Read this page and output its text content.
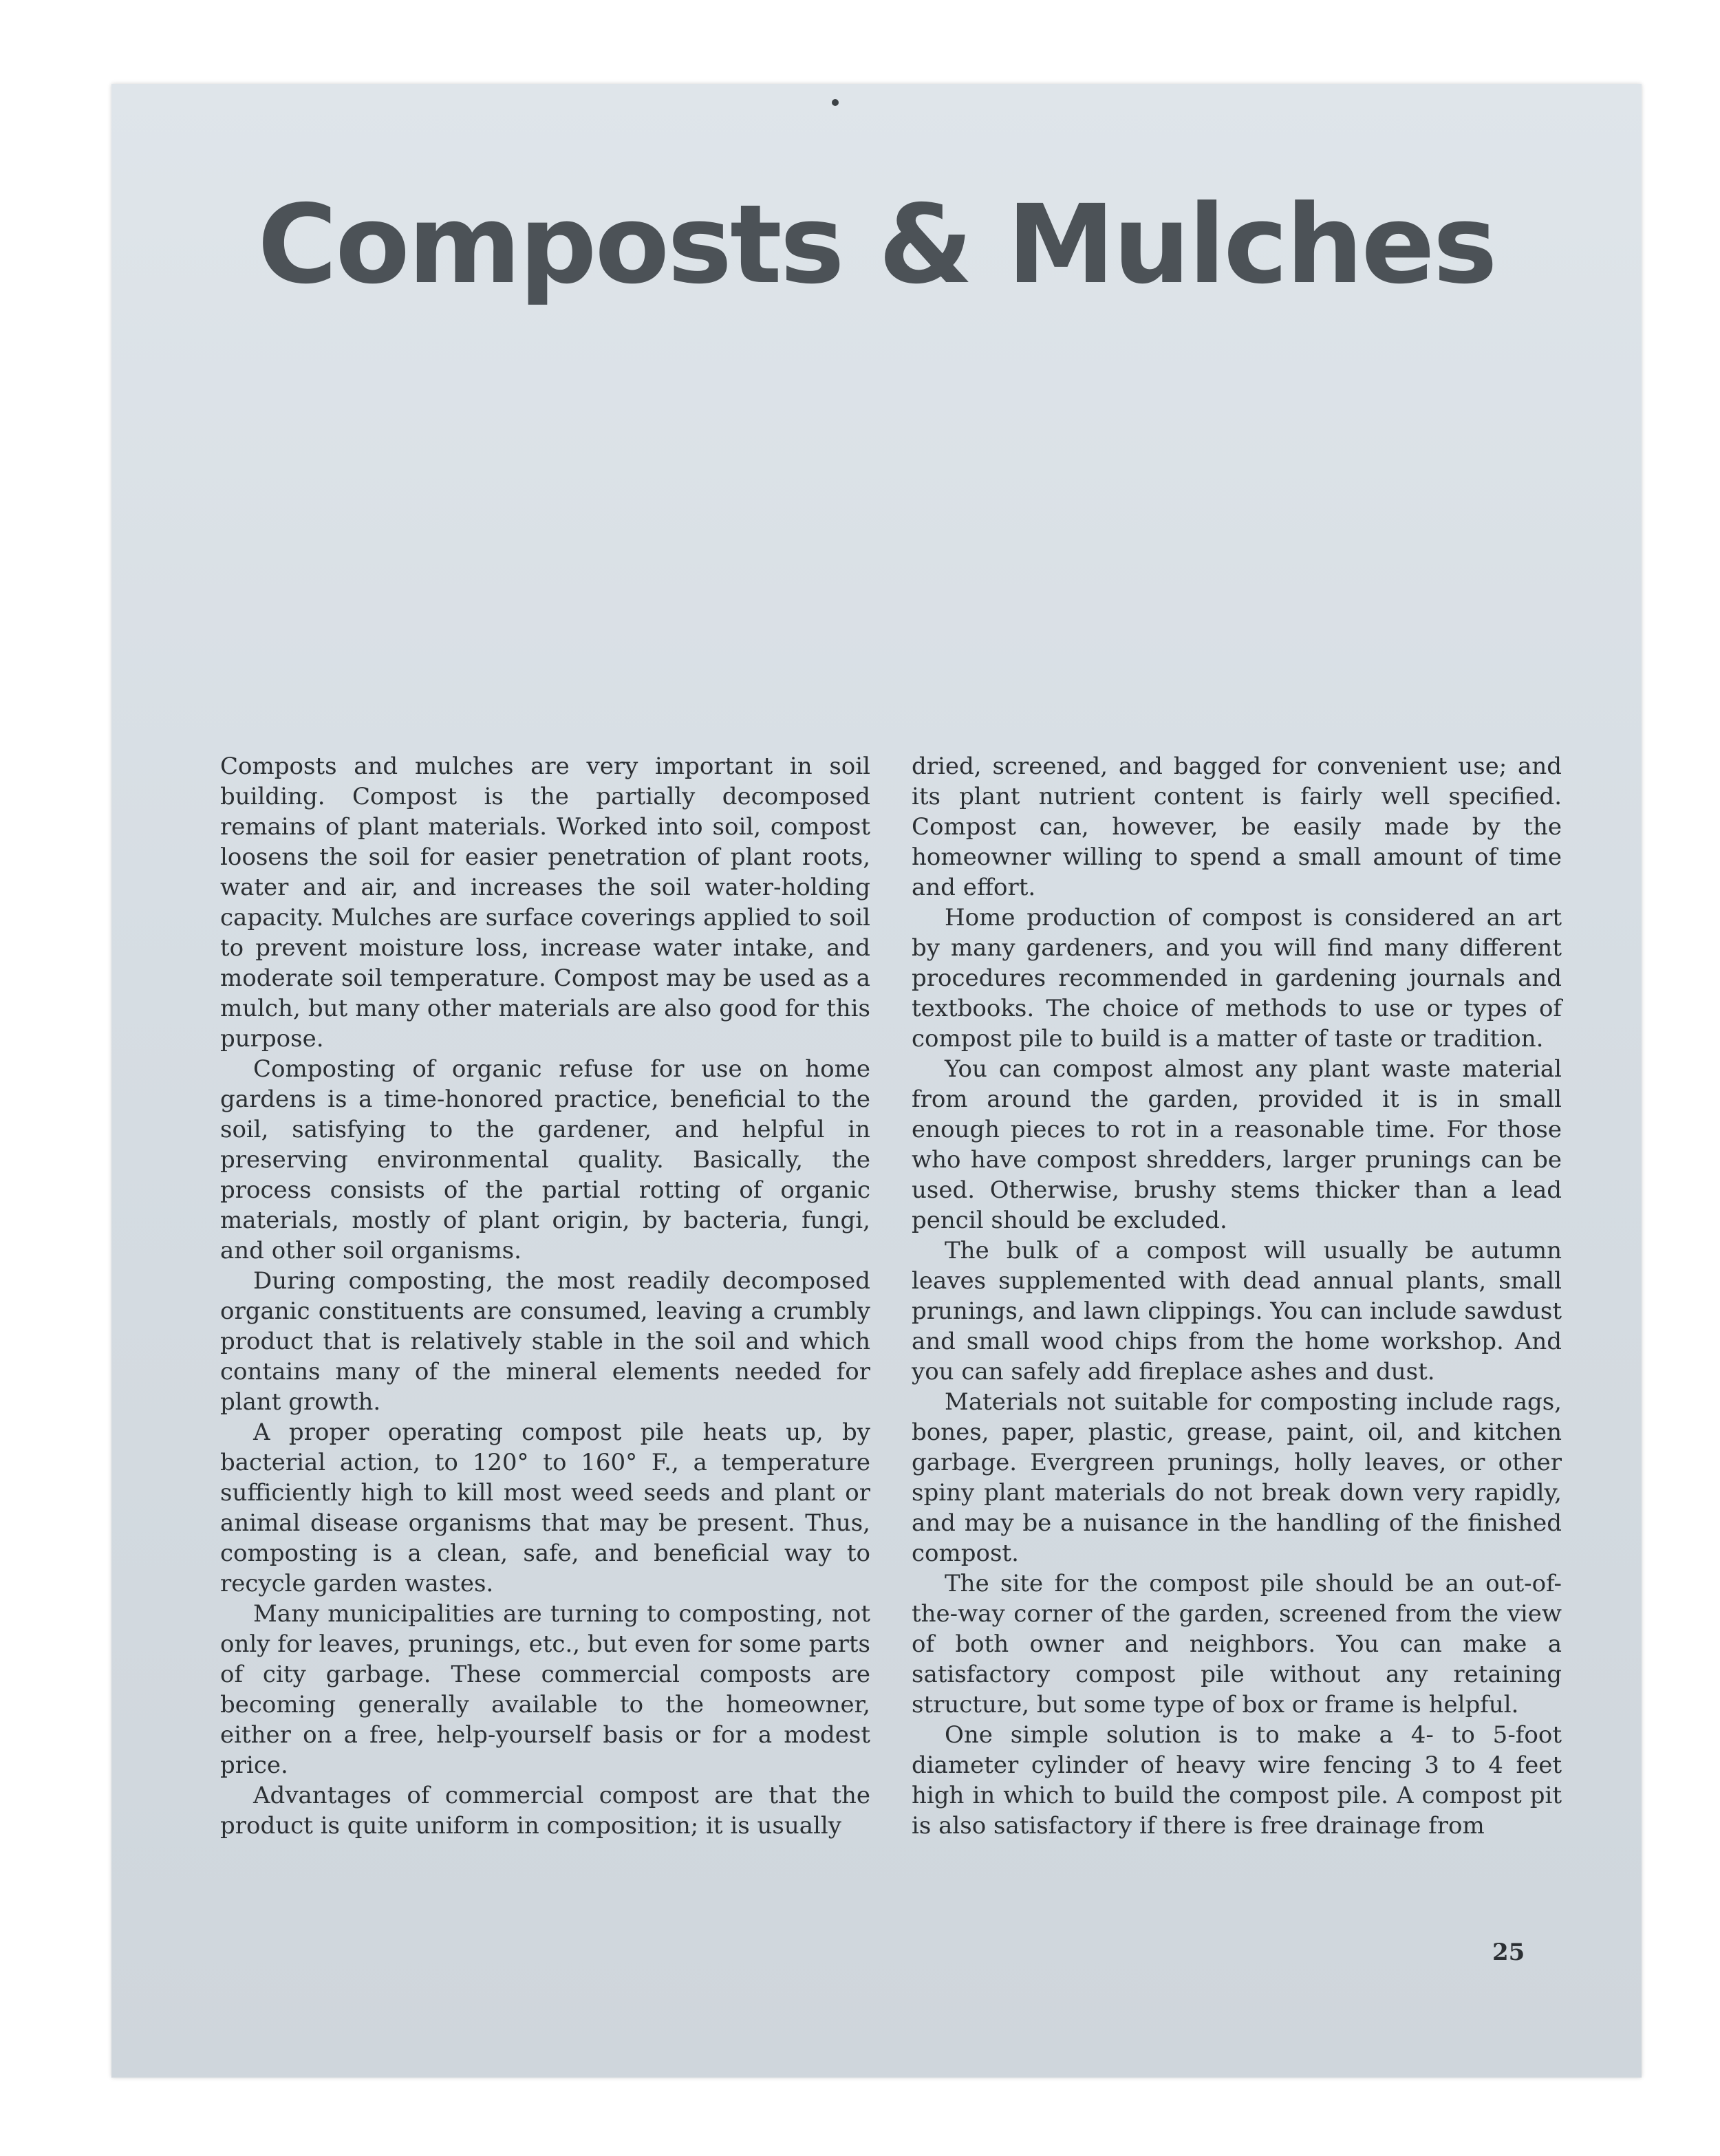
Composts & Mulches

Composts and mulches are very important in soil building. Compost is the partially decomposed remains of plant materials. Worked into soil, compost loosens the soil for easier penetration of plant roots, water and air, and increases the soil water-holding capacity. Mulches are surface coverings applied to soil to prevent moisture loss, increase water intake, and moderate soil temperature. Compost may be used as a mulch, but many other materials are also good for this purpose.

Composting of organic refuse for use on home gardens is a time-honored practice, beneficial to the soil, satisfying to the gardener, and helpful in preserving environmental quality. Basically, the process consists of the partial rotting of organic materials, mostly of plant origin, by bacteria, fungi, and other soil organisms.

During composting, the most readily decomposed organic constituents are consumed, leaving a crumbly product that is relatively stable in the soil and which contains many of the mineral elements needed for plant growth.

A proper operating compost pile heats up, by bacterial action, to 120° to 160° F., a temperature sufficiently high to kill most weed seeds and plant or animal disease organisms that may be present. Thus, composting is a clean, safe, and beneficial way to recycle garden wastes.

Many municipalities are turning to composting, not only for leaves, prunings, etc., but even for some parts of city garbage. These commercial composts are becoming generally available to the homeowner, either on a free, help-yourself basis or for a modest price.

Advantages of commercial compost are that the product is quite uniform in composition; it is usually

dried, screened, and bagged for convenient use; and its plant nutrient content is fairly well specified. Compost can, however, be easily made by the homeowner willing to spend a small amount of time and effort.

Home production of compost is considered an art by many gardeners, and you will find many different procedures recommended in gardening journals and textbooks. The choice of methods to use or types of compost pile to build is a matter of taste or tradition.

You can compost almost any plant waste material from around the garden, provided it is in small enough pieces to rot in a reasonable time. For those who have compost shredders, larger prunings can be used. Otherwise, brushy stems thicker than a lead pencil should be excluded.

The bulk of a compost will usually be autumn leaves supplemented with dead annual plants, small prunings, and lawn clippings. You can include sawdust and small wood chips from the home workshop. And you can safely add fireplace ashes and dust.

Materials not suitable for composting include rags, bones, paper, plastic, grease, paint, oil, and kitchen garbage. Evergreen prunings, holly leaves, or other spiny plant materials do not break down very rapidly, and may be a nuisance in the handling of the finished compost.

The site for the compost pile should be an out-of-the-way corner of the garden, screened from the view of both owner and neighbors. You can make a satisfactory compost pile without any retaining structure, but some type of box or frame is helpful.

One simple solution is to make a 4- to 5-foot diameter cylinder of heavy wire fencing 3 to 4 feet high in which to build the compost pile. A compost pit is also satisfactory if there is free drainage from

25
